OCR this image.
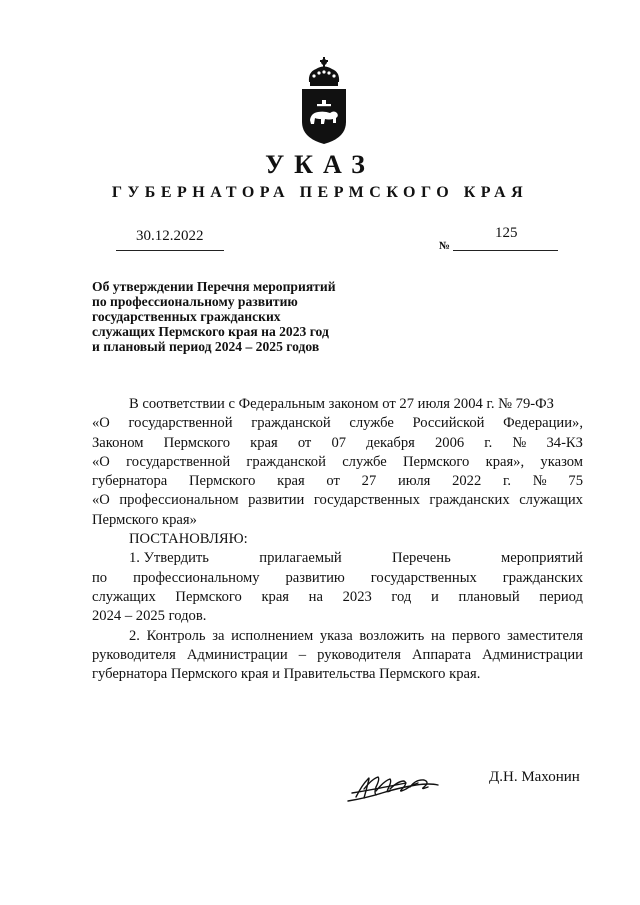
УКАЗ
ГУБЕРНАТОРА ПЕРМСКОГО КРАЯ
30.12.2022
№
125
Об утверждении Перечня мероприятий
по профессиональному развитию
государственных гражданских
служащих Пермского края на 2023 год
и плановый период 2024 – 2025 годов
В соответствии с Федеральным законом от 27 июля 2004 г. № 79-ФЗ
«О государственной гражданской службе Российской Федерации»,
Законом Пермского края от 07 декабря 2006 г. № 34-КЗ
«О государственной гражданской службе Пермского края», указом
губернатора Пермского края от 27 июля 2022 г. № 75
«О профессиональном развитии государственных гражданских служащих
Пермского края»
ПОСТАНОВЛЯЮ:
1. Утвердить	прилагаемый	Перечень	мероприятий
по профессиональному развитию государственных гражданских
служащих Пермского края на 2023 год и плановый период
2024 – 2025 годов.
2. Контроль за исполнением указа возложить на первого заместителя
руководителя Администрации – руководителя Аппарата Администрации
губернатора Пермского края и Правительства Пермского края.
Д.Н. Махонин
